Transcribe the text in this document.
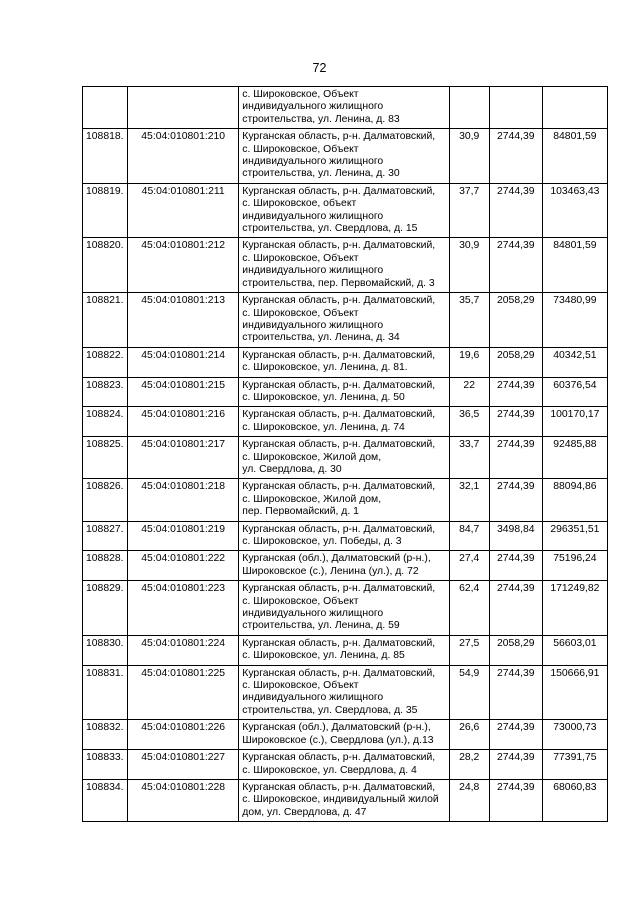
72

		с. Широковское, Объект
индивидуального жилищного
строительства, ул. Ленина, д. 83			

108818.	45:04:010801:210	Курганская область, р-н. Далматовский,
с. Широковское, Объект
индивидуального жилищного
строительства, ул. Ленина, д. 30	30,9	2744,39	84801,59
108819.	45:04:010801:211	Курганская область, р-н. Далматовский,
с. Широковское, объект
индивидуального жилищного
строительства, ул. Свердлова, д. 15	37,7	2744,39	103463,43
108820.	45:04:010801:212	Курганская область, р-н. Далматовский,
с. Широковское, Объект
индивидуального жилищного
строительства, пер. Первомайский, д. 3	30,9	2744,39	84801,59
108821.	45:04:010801:213	Курганская область, р-н. Далматовский,
с. Широковское, Объект
индивидуального жилищного
строительства, ул. Ленина, д. 34	35,7	2058,29	73480,99
108822.	45:04:010801:214	Курганская область, р-н. Далматовский,
с. Широковское, ул. Ленина, д. 81.	19,6	2058,29	40342,51
108823.	45:04:010801:215	Курганская область, р-н. Далматовский,
с. Широковское, ул. Ленина, д. 50	22	2744,39	60376,54
108824.	45:04:010801:216	Курганская область, р-н. Далматовский,
с. Широковское, ул. Ленина, д. 74	36,5	2744,39	100170,17
108825.	45:04:010801:217	Курганская область, р-н. Далматовский,
с. Широковское, Жилой дом,
ул. Свердлова, д. 30	33,7	2744,39	92485,88
108826.	45:04:010801:218	Курганская область, р-н. Далматовский,
с. Широковское, Жилой дом,
пер. Первомайский, д. 1	32,1	2744,39	88094,86
108827.	45:04:010801:219	Курганская область, р-н. Далматовский,
с. Широковское, ул. Победы, д. 3	84,7	3498,84	296351,51
108828.	45:04:010801:222	Курганская (обл.), Далматовский (р-н.),
Широковское (с.), Ленина (ул.), д. 72	27,4	2744,39	75196,24
108829.	45:04:010801:223	Курганская область, р-н. Далматовский,
с. Широковское, Объект
индивидуального жилищного
строительства, ул. Ленина, д. 59	62,4	2744,39	171249,82
108830.	45:04:010801:224	Курганская область, р-н. Далматовский,
с. Широковское, ул. Ленина, д. 85	27,5	2058,29	56603,01
108831.	45:04:010801:225	Курганская область, р-н. Далматовский,
с. Широковское, Объект
индивидуального жилищного
строительства, ул. Свердлова, д. 35	54,9	2744,39	150666,91
108832.	45:04:010801:226	Курганская (обл.), Далматовский (р-н.),
Широковское (с.), Свердлова (ул.), д.13	26,6	2744,39	73000,73
108833.	45:04:010801:227	Курганская область, р-н. Далматовский,
с. Широковское, ул. Свердлова, д. 4	28,2	2744,39	77391,75
108834.	45:04:010801:228	Курганская область, р-н. Далматовский,
с. Широковское, индивидуальный жилой
дом, ул. Свердлова, д. 47	24,8	2744,39	68060,83
